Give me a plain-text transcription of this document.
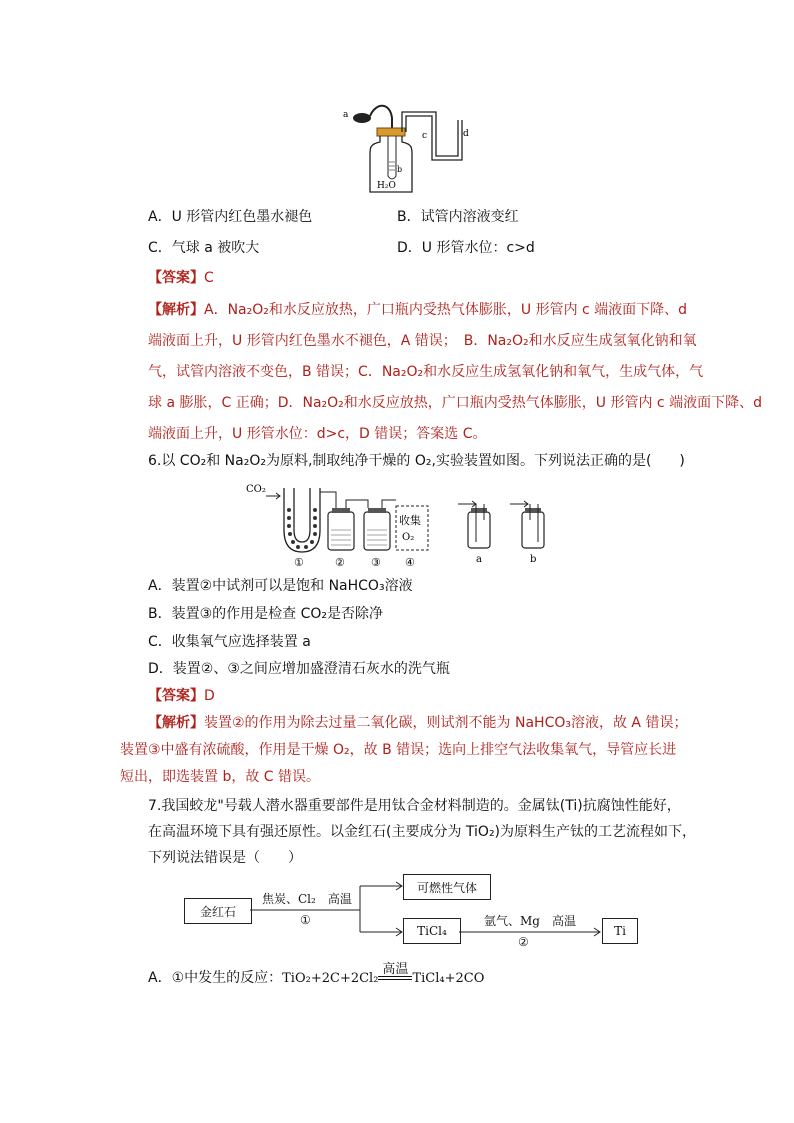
a
b
H₂O
c	d
A．U 形管内红色墨水褪色	B．试管内溶液变红
C．气球 a 被吹大	D．U 形管水位：c>d
【答案】C
【解析】A．Na₂O₂和水反应放热，广口瓶内受热气体膨胀，U 形管内 c 端液面下降、d
端液面上升，U 形管内红色墨水不褪色，A 错误；　B．Na₂O₂和水反应生成氢氧化钠和氧
气，试管内溶液不变色，B 错误；C．Na₂O₂和水反应生成氢氧化钠和氧气，生成气体，气
球 a 膨胀，C 正确；D．Na₂O₂和水反应放热，广口瓶内受热气体膨胀，U 形管内 c 端液面下降、d
端液面上升，U 形管水位：d>c，D 错误；答案选 C。
6.以 CO₂和 Na₂O₂为原料,制取纯净干燥的 O₂,实验装置如图。下列说法正确的是(　　)
CO₂
收集
O₂
①	② ③ ④	a	b
A．装置②中试剂可以是饱和 NaHCO₃溶液
B．装置③的作用是检查 CO₂是否除净
C．收集氧气应选择装置 a
D．装置②、③之间应增加盛澄清石灰水的洗气瓶
【答案】D
【解析】装置②的作用为除去过量二氧化碳，则试剂不能为 NaHCO₃溶液，故 A 错误；
装置③中盛有浓硫酸，作用是干燥 O₂，故 B 错误；选向上排空气法收集氧气，导管应长进
短出，即选装置 b，故 C 错误。
7.我国蛟龙"号载人潜水器重要部件是用钛合金材料制造的。金属钛(Ti)抗腐蚀性能好，
在高温环境下具有强还原性。以金红石(主要成分为 TiO₂)为原料生产钛的工艺流程如下，
下列说法错误是（　　）
金红石
可燃性气体
TiCl₄	Ti
焦炭、Cl₂　高温
①	氩气、Mg　高温
②
A．①中发生的反应：TiO₂+2C+2Cl₂
高温
TiCl₄+2CO
